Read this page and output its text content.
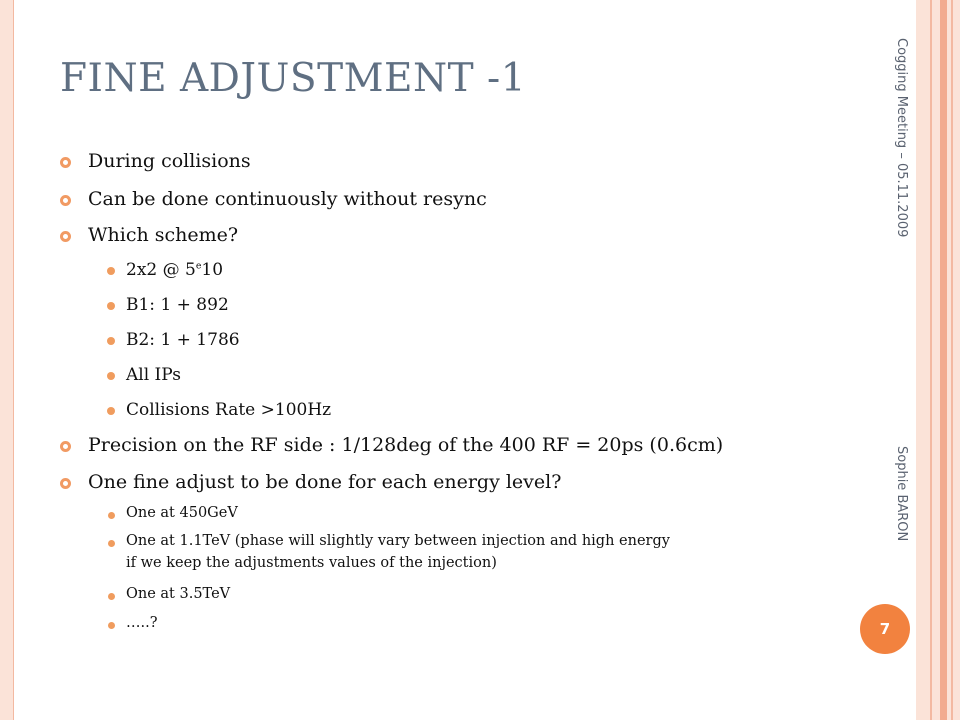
FINE ADJUSTMENT -1
During collisions
Can be done continuously without resync
Which scheme?
2x2 @ 5e10
B1: 1 + 892
B2: 1 + 1786
All IPs
Collisions Rate >100Hz
Precision on the RF side : 1/128deg of the 400 RF = 20ps (0.6cm)
One fine adjust to be done for each energy level?
One at 450GeV
One at 1.1TeV (phase will slightly vary between injection and high energy
if we keep the adjustments values of the injection)
One at 3.5TeV
…..?
Cogging Meeting – 05.11.2009
Sophie BARON
7
